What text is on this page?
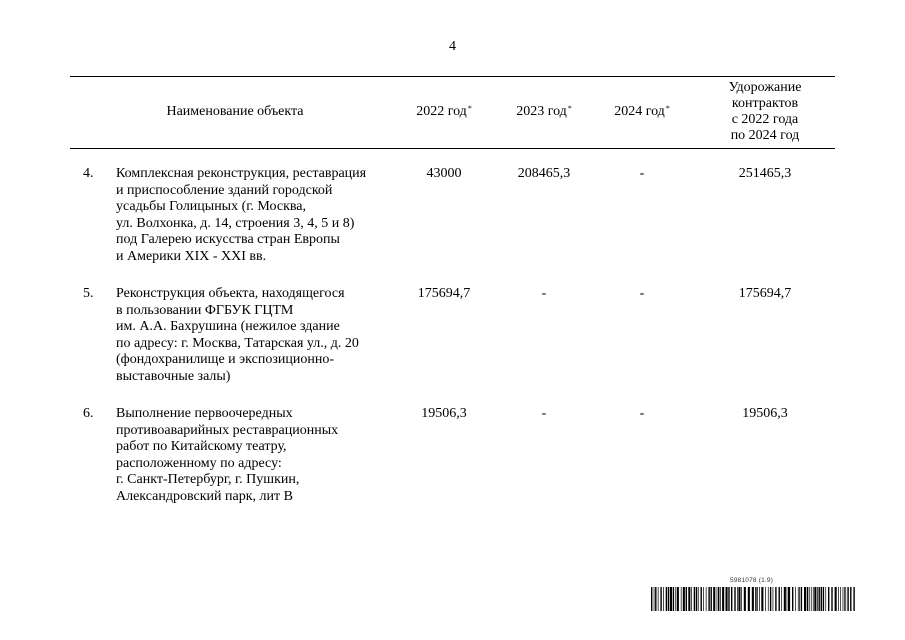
4
Наименование объекта	2022 год*	2023 год*	2024 год*
Удорожание
контрактов
с 2022 года
по 2024 год
4. Комплексная реконструкция, реставрация
и приспособление зданий городской
усадьбы Голицыных (г. Москва,
ул. Волхонка, д. 14, строения 3, 4, 5 и 8)
под Галерею искусства стран Европы
и Америки XIX - XXI вв.
43000	208465,3	-	251465,3
5. Реконструкция объекта, находящегося
в пользовании ФГБУК ГЦТМ
им. А.А. Бахрушина (нежилое здание
по адресу: г. Москва, Татарская ул., д. 20
(фондохранилище и экспозиционно-
выставочные залы)
175694,7	-	-	175694,7
6. Выполнение первоочередных
противоаварийных реставрационных
работ по Китайскому театру,
расположенному по адресу:
г. Санкт-Петербург, г. Пушкин,
Александровский парк, лит В
19506,3	-	-	19506,3
5981078 (1.9)
